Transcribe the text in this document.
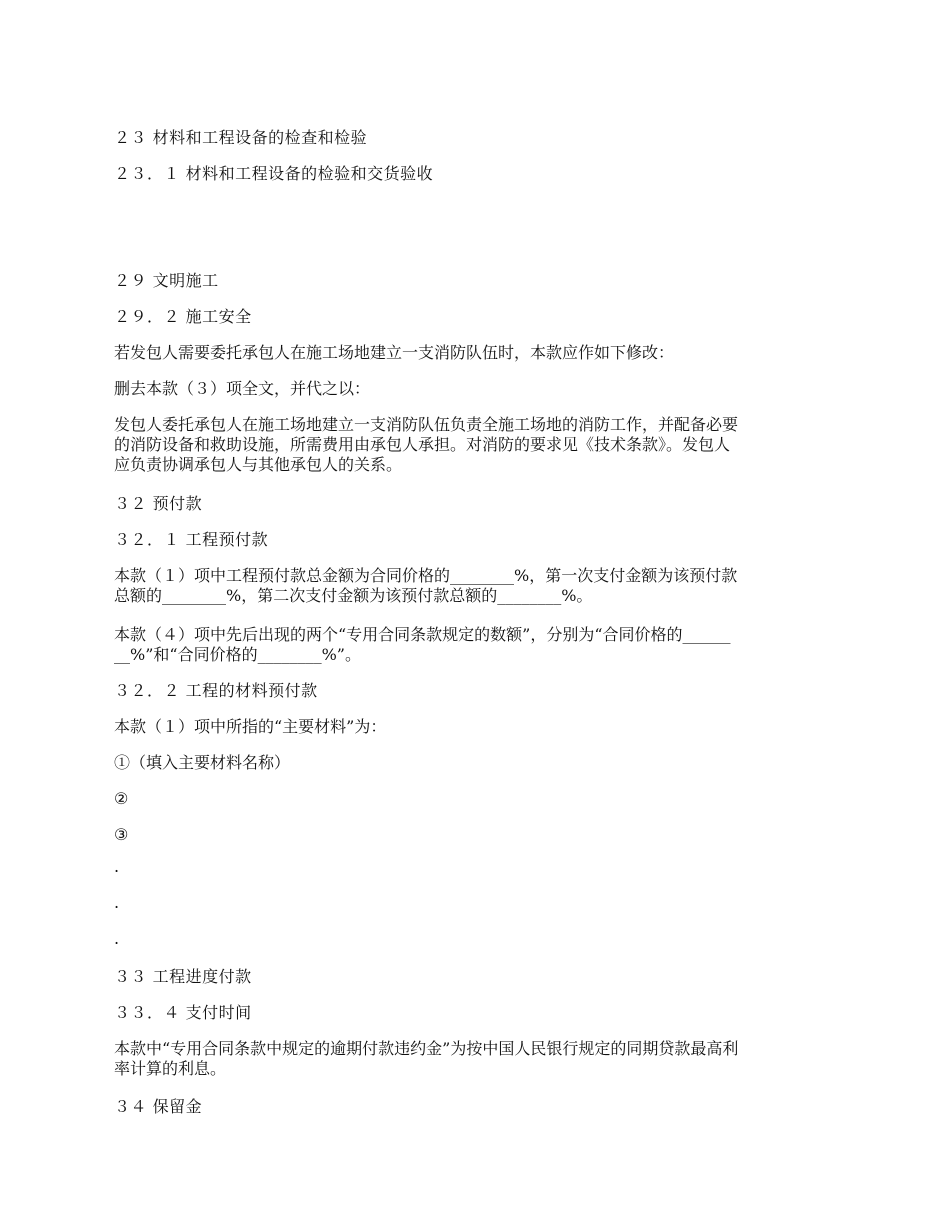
２３ 材料和工程设备的检查和检验
２３．１ 材料和工程设备的检验和交货验收
２９ 文明施工
２９．２ 施工安全
若发包人需要委托承包人在施工场地建立一支消防队伍时，本款应作如下修改：
删去本款（３）项全文，并代之以：
发包人委托承包人在施工场地建立一支消防队伍负责全施工场地的消防工作，并配备必要
的消防设备和救助设施，所需费用由承包人承担。对消防的要求见《技术条款》。发包人
应负责协调承包人与其他承包人的关系。
３２ 预付款
３２．１ 工程预付款
本款（１）项中工程预付款总金额为合同价格的________%，第一次支付金额为该预付款
总额的________%，第二次支付金额为该预付款总额的________%。
本款（４）项中先后出现的两个“专用合同条款规定的数额”，分别为“合同价格的______
__%”和“合同价格的________%”。
３２．２ 工程的材料预付款
本款（１）项中所指的“主要材料”为：
①（填入主要材料名称）
②
③
.
.
.
３３ 工程进度付款
３３．４ 支付时间
本款中“专用合同条款中规定的逾期付款违约金”为按中国人民银行规定的同期贷款最高利
率计算的利息。
３４ 保留金
